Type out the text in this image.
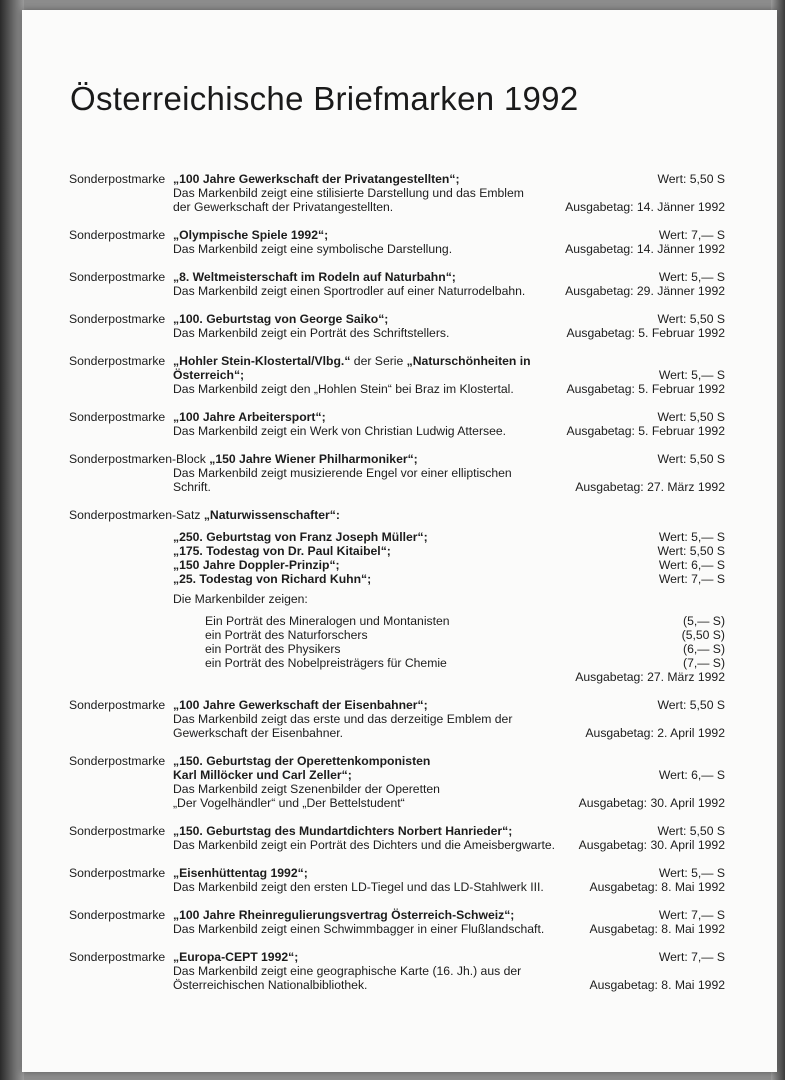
Österreichische Briefmarken 1992
Sonderpostmarke „100 Jahre Gewerkschaft der Privatangestellten“;	Wert: 5,50 S
Das Markenbild zeigt eine stilisierte Darstellung und das Emblem
der Gewerkschaft der Privatangestellten.	Ausgabetag: 14. Jänner 1992
Sonderpostmarke „Olympische Spiele 1992“;	Wert: 7,— S
Das Markenbild zeigt eine symbolische Darstellung.	Ausgabetag: 14. Jänner 1992
Sonderpostmarke „8. Weltmeisterschaft im Rodeln auf Naturbahn“;	Wert: 5,— S
Das Markenbild zeigt einen Sportrodler auf einer Naturrodelbahn.	Ausgabetag: 29. Jänner 1992
Sonderpostmarke „100. Geburtstag von George Saiko“;	Wert: 5,50 S
Das Markenbild zeigt ein Porträt des Schriftstellers.	Ausgabetag: 5. Februar 1992
Sonderpostmarke „Hohler Stein-Klostertal/Vlbg.“ der Serie „Naturschönheiten in
Österreich“;	Wert: 5,— S
Das Markenbild zeigt den „Hohlen Stein“ bei Braz im Klostertal.	Ausgabetag: 5. Februar 1992
Sonderpostmarke „100 Jahre Arbeitersport“;	Wert: 5,50 S
Das Markenbild zeigt ein Werk von Christian Ludwig Attersee.	Ausgabetag: 5. Februar 1992
Sonderpostmarken-Block
„150 Jahre Wiener Philharmoniker“;	Wert: 5,50 S
Das Markenbild zeigt musizierende Engel vor einer elliptischen
Schrift.	Ausgabetag: 27. März 1992
Sonderpostmarken-Satz
„Naturwissenschafter“:
„250. Geburtstag von Franz Joseph Müller“;	Wert: 5,— S
„175. Todestag von Dr. Paul Kitaibel“;	Wert: 5,50 S
„150 Jahre Doppler-Prinzip“;	Wert: 6,— S
„25. Todestag von Richard Kuhn“;	Wert: 7,— S
Die Markenbilder zeigen:
Ein Porträt des Mineralogen und Montanisten	(5,— S)
ein Porträt des Naturforschers	(5,50 S)
ein Porträt des Physikers	(6,— S)
ein Porträt des Nobelpreisträgers für Chemie	(7,— S)
Ausgabetag: 27. März 1992
Sonderpostmarke „100 Jahre Gewerkschaft der Eisenbahner“;	Wert: 5,50 S
Das Markenbild zeigt das erste und das derzeitige Emblem der
Gewerkschaft der Eisenbahner.	Ausgabetag: 2. April 1992
Sonderpostmarke „150. Geburtstag der Operettenkomponisten
Karl Millöcker und Carl Zeller“;	Wert: 6,— S
Das Markenbild zeigt Szenenbilder der Operetten
„Der Vogelhändler“ und „Der Bettelstudent“	Ausgabetag: 30. April 1992
Sonderpostmarke „150. Geburtstag des Mundartdichters Norbert Hanrieder“;	Wert: 5,50 S
Das Markenbild zeigt ein Porträt des Dichters und die Ameisbergwarte.	Ausgabetag: 30. April 1992
Sonderpostmarke „Eisenhüttentag 1992“;	Wert: 5,— S
Das Markenbild zeigt den ersten LD-Tiegel und das LD-Stahlwerk III.	Ausgabetag: 8. Mai 1992
Sonderpostmarke „100 Jahre Rheinregulierungsvertrag Österreich-Schweiz“;	Wert: 7,— S
Das Markenbild zeigt einen Schwimmbagger in einer Flußlandschaft.	Ausgabetag: 8. Mai 1992
Sonderpostmarke „Europa-CEPT 1992“;	Wert: 7,— S
Das Markenbild zeigt eine geographische Karte (16. Jh.) aus der
Österreichischen Nationalbibliothek.	Ausgabetag: 8. Mai 1992
